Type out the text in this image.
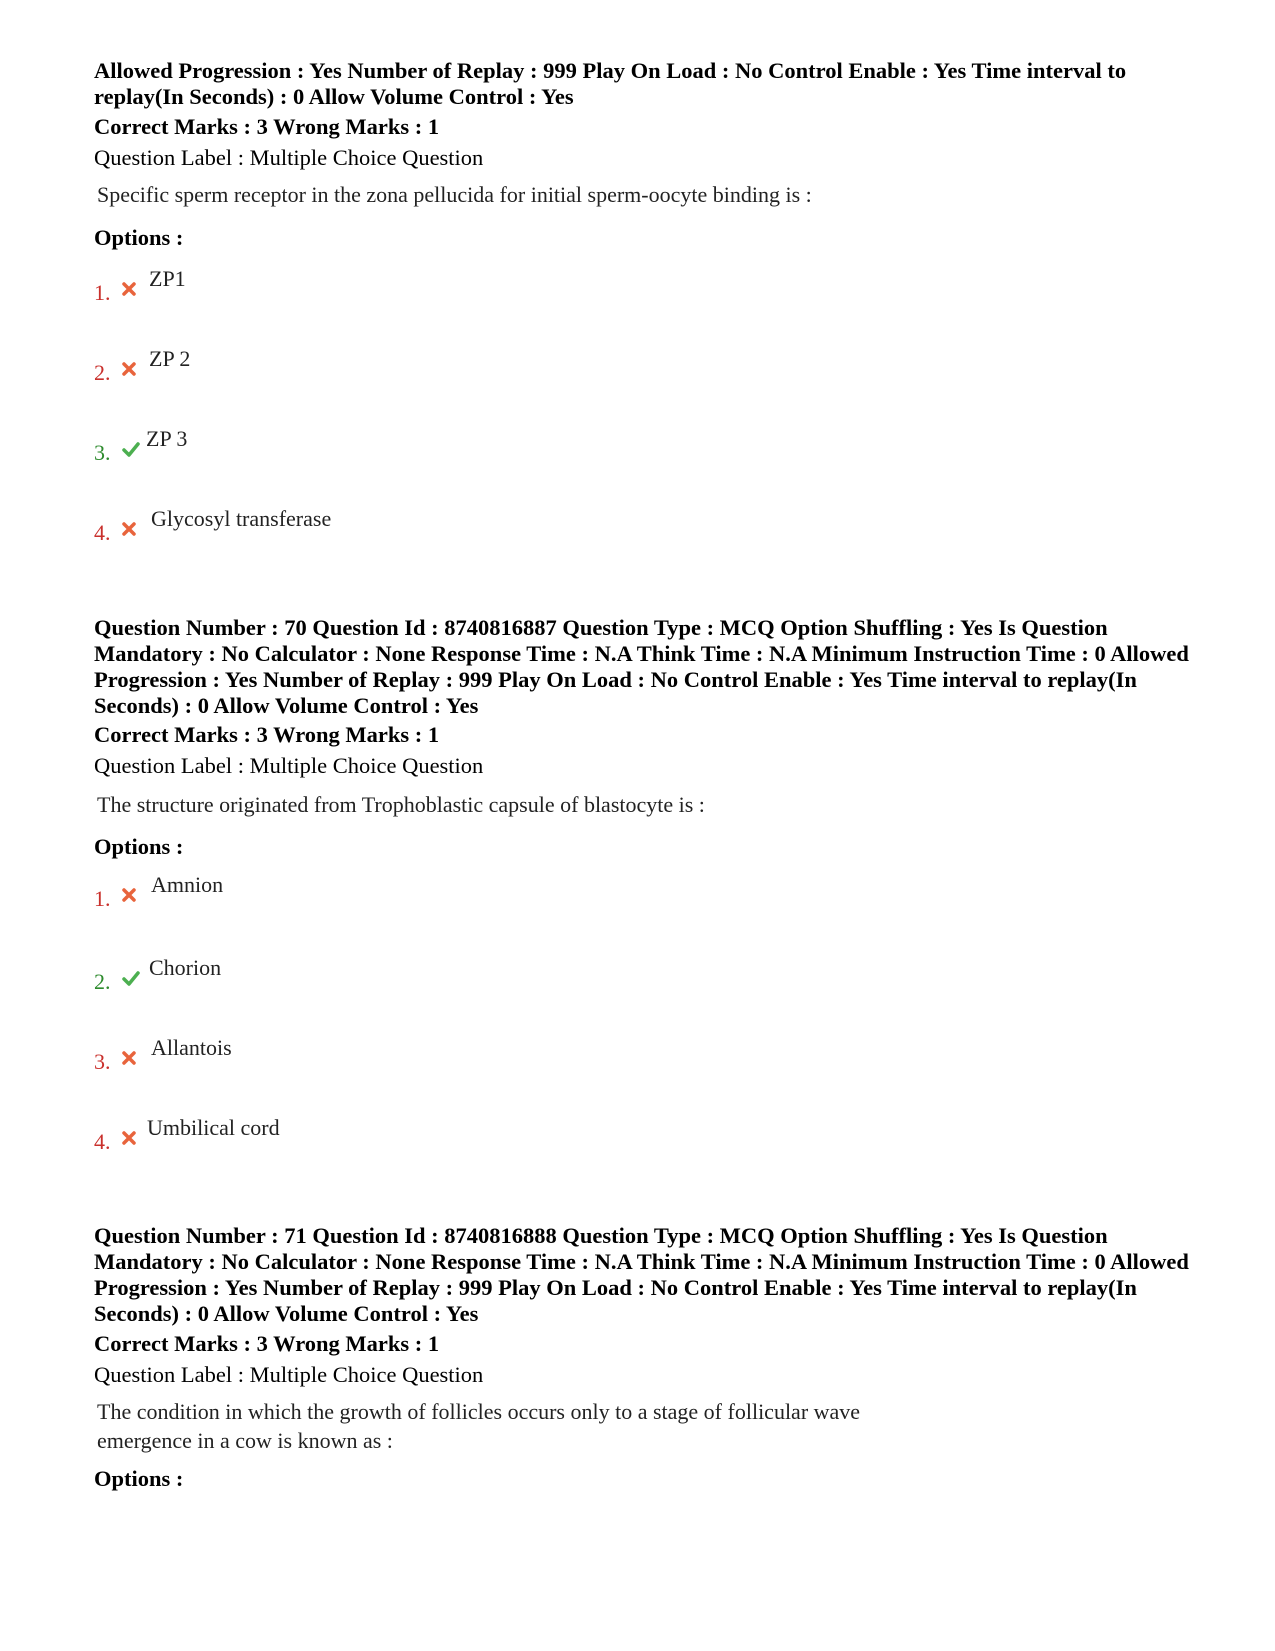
Allowed Progression : Yes Number of Replay : 999 Play On Load : No Control Enable : Yes Time interval to replay(In Seconds) : 0 Allow Volume Control : Yes
Correct Marks : 3 Wrong Marks : 1
Question Label : Multiple Choice Question
Specific sperm receptor in the zona pellucida for initial sperm-oocyte binding is :
Options :
1.
ZP1
2.
ZP 2
3.
ZP 3
4.
Glycosyl transferase
Question Number : 70 Question Id : 8740816887 Question Type : MCQ Option Shuffling : Yes Is Question Mandatory : No Calculator : None Response Time : N.A Think Time : N.A Minimum Instruction Time : 0 Allowed Progression : Yes Number of Replay : 999 Play On Load : No Control Enable : Yes Time interval to replay(In Seconds) : 0 Allow Volume Control : Yes
Correct Marks : 3 Wrong Marks : 1
Question Label : Multiple Choice Question
The structure originated from Trophoblastic capsule of blastocyte is :
Options :
1.
Amnion
2.
Chorion
3.
Allantois
4.
Umbilical cord
Question Number : 71 Question Id : 8740816888 Question Type : MCQ Option Shuffling : Yes Is Question Mandatory : No Calculator : None Response Time : N.A Think Time : N.A Minimum Instruction Time : 0 Allowed Progression : Yes Number of Replay : 999 Play On Load : No Control Enable : Yes Time interval to replay(In Seconds) : 0 Allow Volume Control : Yes
Correct Marks : 3 Wrong Marks : 1
Question Label : Multiple Choice Question
The condition in which the growth of follicles occurs only to a stage of follicular wave
emergence in a cow is known as :
Options :
